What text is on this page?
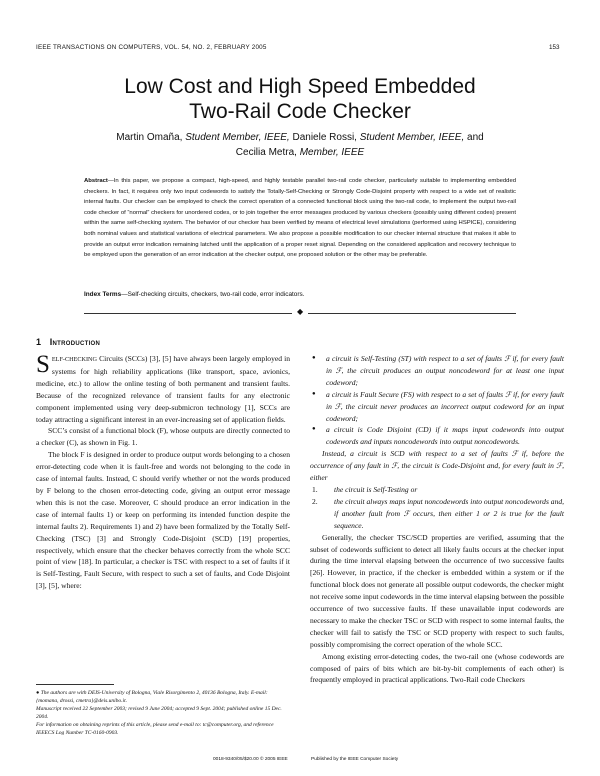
IEEE TRANSACTIONS ON COMPUTERS, VOL. 54, NO. 2, FEBRUARY 2005	153
Low Cost and High Speed Embedded
Two-Rail Code Checker
Martin Omaña, Student Member, IEEE, Daniele Rossi, Student Member, IEEE, and
Cecilia Metra, Member, IEEE
Abstract—In this paper, we propose a compact, high-speed, and highly testable parallel two-rail code checker, particularly suitable to implementing embedded checkers. In fact, it requires only two input codewords to satisfy the Totally-Self-Checking or Strongly Code-Disjoint property with respect to a wide set of realistic internal faults. Our checker can be employed to check the correct operation of a connected functional block using the two-rail code, to implement the output two-rail code checker of “normal” checkers for unordered codes, or to join together the error messages produced by various checkers (possibly using different codes) present within the same self-checking system. The behavior of our checker has been verified by means of electrical level simulations (performed using HSPICE), considering both nominal values and statistical variations of electrical parameters. We also propose a possible modification to our checker internal structure that makes it able to provide an output error indication remaining latched until the application of a proper reset signal. Depending on the considered application and recovery technique to be employed upon the generation of an error indication at the checker output, one proposed solution or the other may be preferable.
Index Terms—Self-checking circuits, checkers, two-rail code, error indicators.
◆
1 Introduction

SELF-CHECKING Circuits (SCCs) [3], [5] have always been largely employed in systems for high reliability applications (like transport, space, avionics, medicine, etc.) to allow the online testing of both permanent and transient faults. Because of the recognized relevance of transient faults for any electronic component implemented using very deep-submicron technology [1], SCCs are today attracting a significant interest in an ever-increasing set of application fields.

SCC’s consist of a functional block (F), whose outputs are directly connected to a checker (C), as shown in Fig. 1.

The block F is designed in order to produce output words belonging to a chosen error-detecting code when it is fault-free and words not belonging to the code in case of internal faults. Instead, C should verify whether or not the words produced by F belong to the chosen error-detecting code, giving an output error message when this is not the case. Moreover, C should produce an error indication in the case of internal faults 1) or keep on performing its intended function despite the internal faults 2). Requirements 1) and 2) have been formalized by the Totally Self-Checking (TSC) [3] and Strongly Code-Disjoint (SCD) [19] properties, respectively, which ensure that the checker behaves correctly from the whole SCC point of view [18]. In particular, a checker is TSC with respect to a set of faults if it is Self-Testing, Fault Secure, with respect to such a set of faults, and Code Disjoint [3], [5], where:

● a circuit is Self-Testing (ST) with respect to a set of faults ℱ if, for every fault in ℱ, the circuit produces an output noncodeword for at least one input codeword;
● a circuit is Fault Secure (FS) with respect to a set of faults ℱ if, for every fault in ℱ, the circuit never produces an incorrect output codeword for an input codeword;
● a circuit is Code Disjoint (CD) if it maps input codewords into output codewords and inputs noncodewords into output noncodewords.

Instead, a circuit is SCD with respect to a set of faults ℱ if, before the occurrence of any fault in ℱ, the circuit is Code-Disjoint and, for every fault in ℱ, either

1. the circuit is Self-Testing or
2. the circuit always maps input noncodewords into output noncodewords and, if another fault from ℱ occurs, then either 1 or 2 is true for the fault sequence.

Generally, the checker TSC/SCD properties are verified, assuming that the subset of codewords sufficient to detect all likely faults occurs at the checker input during the time interval elapsing between the occurrence of two successive faults [26]. However, in practice, if the checker is embedded within a system or if the functional block does not generate all possible output codewords, the checker might not receive some input codewords in the time interval elapsing between the possible occurrence of two successive faults. If these unavailable input codewords are necessary to make the checker TSC or SCD with respect to some internal faults, the checker will fail to satisfy the TSC or SCD property with respect to such faults, possibly compromising the correct operation of the whole SCC.

Among existing error-detecting codes, the two-rail one (whose codewords are composed of pairs of bits which are bit-by-bit complements of each other) is frequently employed in practical applications. Two-Rail code Checkers

● The authors are with DEIS-University of Bologna, Viale Risorgimento 2, 40136 Bologna, Italy. E-mail: {momana, drossi, cmetra}@deis.unibo.it.
Manuscript received 22 September 2003; revised 9 June 2004; accepted 9 Sept. 2004; published online 15 Dec. 2004.
For information on obtaining reprints of this article, please send e-mail to: tc@computer.org, and reference IEEECS Log Number TC-0160-0903.
0018-9340/05/$20.00 © 2005 IEEE	Published by the IEEE Computer Society
